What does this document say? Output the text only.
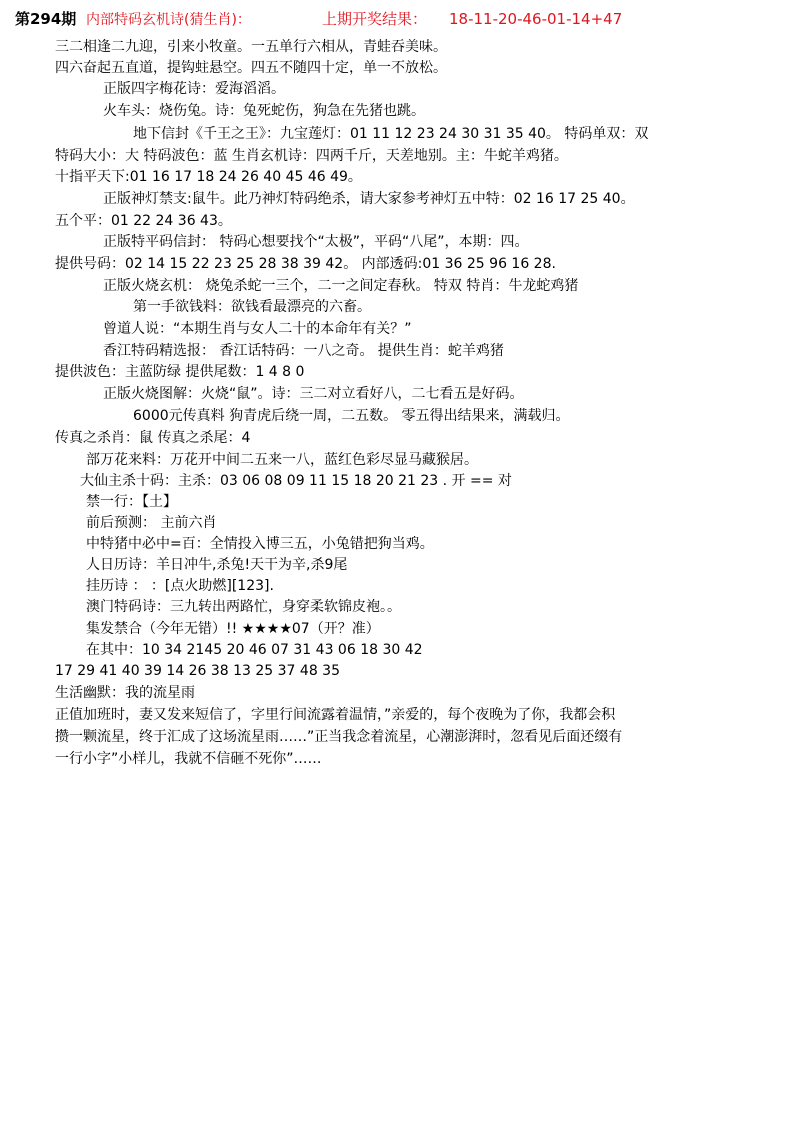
第294期 内部特码玄机诗(猜生肖)：	上期开奖结果： 18-11-20-46-01-14+47
三二相逢二九迎，引来小牧童。一五单行六相从，青蛙吞美味。
四六奋起五直道，提钩蛀悬空。四五不随四十定，单一不放松。
正版四字梅花诗：爱海滔滔。
火车头：烧伤兔。诗：兔死蛇伤，狗急在先猪也跳。
地下信封《千王之王》：九宝莲灯：01 11 12 23 24 30 31 35 40。 特码单双：双
特码大小：大 特码波色：蓝 生肖玄机诗：四两千斤，天差地别。主：牛蛇羊鸡猪。
十指平天下:01 16 17 18 24 26 40 45 46 49。
正版神灯禁支:鼠牛。此乃神灯特码绝杀，请大家参考神灯五中特：02 16 17 25 40。
五个平：01 22 24 36 43。
正版特平码信封： 特码心想要找个“太极”，平码“八尾”，本期：四。
提供号码：02 14 15 22 23 25 28 38 39 42。 内部透码:01 36 25 96 16 28.
正版火烧玄机： 烧兔杀蛇一三个，二一之间定春秋。 特双 特肖：牛龙蛇鸡猪
第一手欲钱料：欲钱看最漂亮的六畜。
曾道人说：“本期生肖与女人二十的本命年有关？”
香江特码精选报： 香江话特码：一八之奇。 提供生肖：蛇羊鸡猪
提供波色：主蓝防绿 提供尾数：1 4 8 0
正版火烧图解：火烧“鼠”。诗：三二对立看好八，二七看五是好码。
6000元传真料 狗青虎后绕一周，二五数。 零五得出结果来，满载归。
传真之杀肖：鼠 传真之杀尾：4
部万花来料：万花开中间二五来一八，蓝红色彩尽显马藏猴居。
大仙主杀十码：主杀：03 06 08 09 11 15 18 20 21 23 . 开 == 对
禁一行：【土】
前后预测： 主前六肖
中特猪中必中=百：全情投入博三五，小兔错把狗当鸡。
人日历诗：羊日冲牛,杀兔!天干为辛,杀9尾
挂历诗 ： ：[点火助燃][123].
澳门特码诗：三九转出两路忙，身穿柔软锦皮袍。。
集发禁合（今年无错）!! ★★★★07（开？准）
在其中：10 34 2145 20 46 07 31 43 06 18 30 42
17 29 41 40 39 14 26 38 13 25 37 48 35
生活幽默：我的流星雨
正值加班时，妻又发来短信了，字里行间流露着温情，”亲爱的，每个夜晚为了你，我都会积
攒一颗流星，终于汇成了这场流星雨……”正当我念着流星，心潮澎湃时，忽看见后面还缀有
一行小字”小样儿，我就不信砸不死你”……
